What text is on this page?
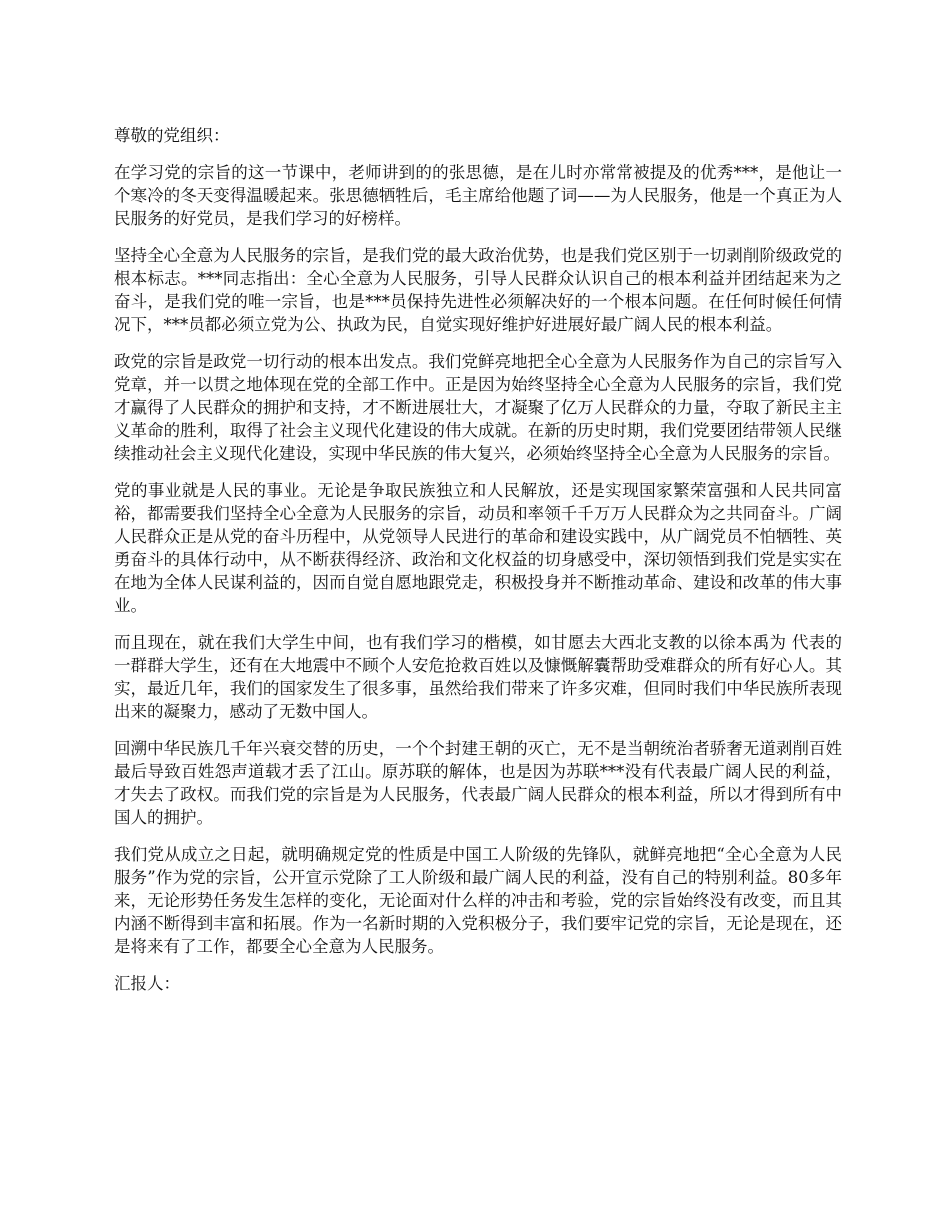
尊敬的党组织：

在学习党的宗旨的这一节课中，老师讲到的的张思德，是在儿时亦常常被提及的优秀***，是他让一个寒冷的冬天变得温暖起来。张思德牺牲后，毛主席给他题了词——为人民服务，他是一个真正为人民服务的好党员，是我们学习的好榜样。

坚持全心全意为人民服务的宗旨，是我们党的最大政治优势，也是我们党区别于一切剥削阶级政党的根本标志。***同志指出：全心全意为人民服务，引导人民群众认识自己的根本利益并团结起来为之奋斗，是我们党的唯一宗旨，也是***员保持先进性必须解决好的一个根本问题。在任何时候任何情况下，***员都必须立党为公、执政为民，自觉实现好维护好进展好最广阔人民的根本利益。

政党的宗旨是政党一切行动的根本出发点。我们党鲜亮地把全心全意为人民服务作为自己的宗旨写入党章，并一以贯之地体现在党的全部工作中。正是因为始终坚持全心全意为人民服务的宗旨，我们党才赢得了人民群众的拥护和支持，才不断进展壮大，才凝聚了亿万人民群众的力量，夺取了新民主主义革命的胜利，取得了社会主义现代化建设的伟大成就。在新的历史时期，我们党要团结带领人民继续推动社会主义现代化建设，实现中华民族的伟大复兴，必须始终坚持全心全意为人民服务的宗旨。

党的事业就是人民的事业。无论是争取民族独立和人民解放，还是实现国家繁荣富强和人民共同富裕，都需要我们坚持全心全意为人民服务的宗旨，动员和率领千千万万人民群众为之共同奋斗。广阔人民群众正是从党的奋斗历程中，从党领导人民进行的革命和建设实践中，从广阔党员不怕牺牲、英勇奋斗的具体行动中，从不断获得经济、政治和文化权益的切身感受中，深切领悟到我们党是实实在在地为全体人民谋利益的，因而自觉自愿地跟党走，积极投身并不断推动革命、建设和改革的伟大事业。

而且现在，就在我们大学生中间，也有我们学习的楷模，如甘愿去大西北支教的以徐本禹为 代表的一群群大学生，还有在大地震中不顾个人安危抢救百姓以及慷慨解囊帮助受难群众的所有好心人。其实，最近几年，我们的国家发生了很多事，虽然给我们带来了许多灾难，但同时我们中华民族所表现出来的凝聚力，感动了无数中国人。

回溯中华民族几千年兴衰交替的历史，一个个封建王朝的灭亡，无不是当朝统治者骄奢无道剥削百姓最后导致百姓怨声道载才丢了江山。原苏联的解体，也是因为苏联***没有代表最广阔人民的利益，才失去了政权。而我们党的宗旨是为人民服务，代表最广阔人民群众的根本利益，所以才得到所有中国人的拥护。

我们党从成立之日起，就明确规定党的性质是中国工人阶级的先锋队，就鲜亮地把“全心全意为人民服务”作为党的宗旨，公开宣示党除了工人阶级和最广阔人民的利益，没有自己的特别利益。80多年来，无论形势任务发生怎样的变化，无论面对什么样的冲击和考验，党的宗旨始终没有改变，而且其内涵不断得到丰富和拓展。作为一名新时期的入党积极分子，我们要牢记党的宗旨，无论是现在，还是将来有了工作，都要全心全意为人民服务。

汇报人：
